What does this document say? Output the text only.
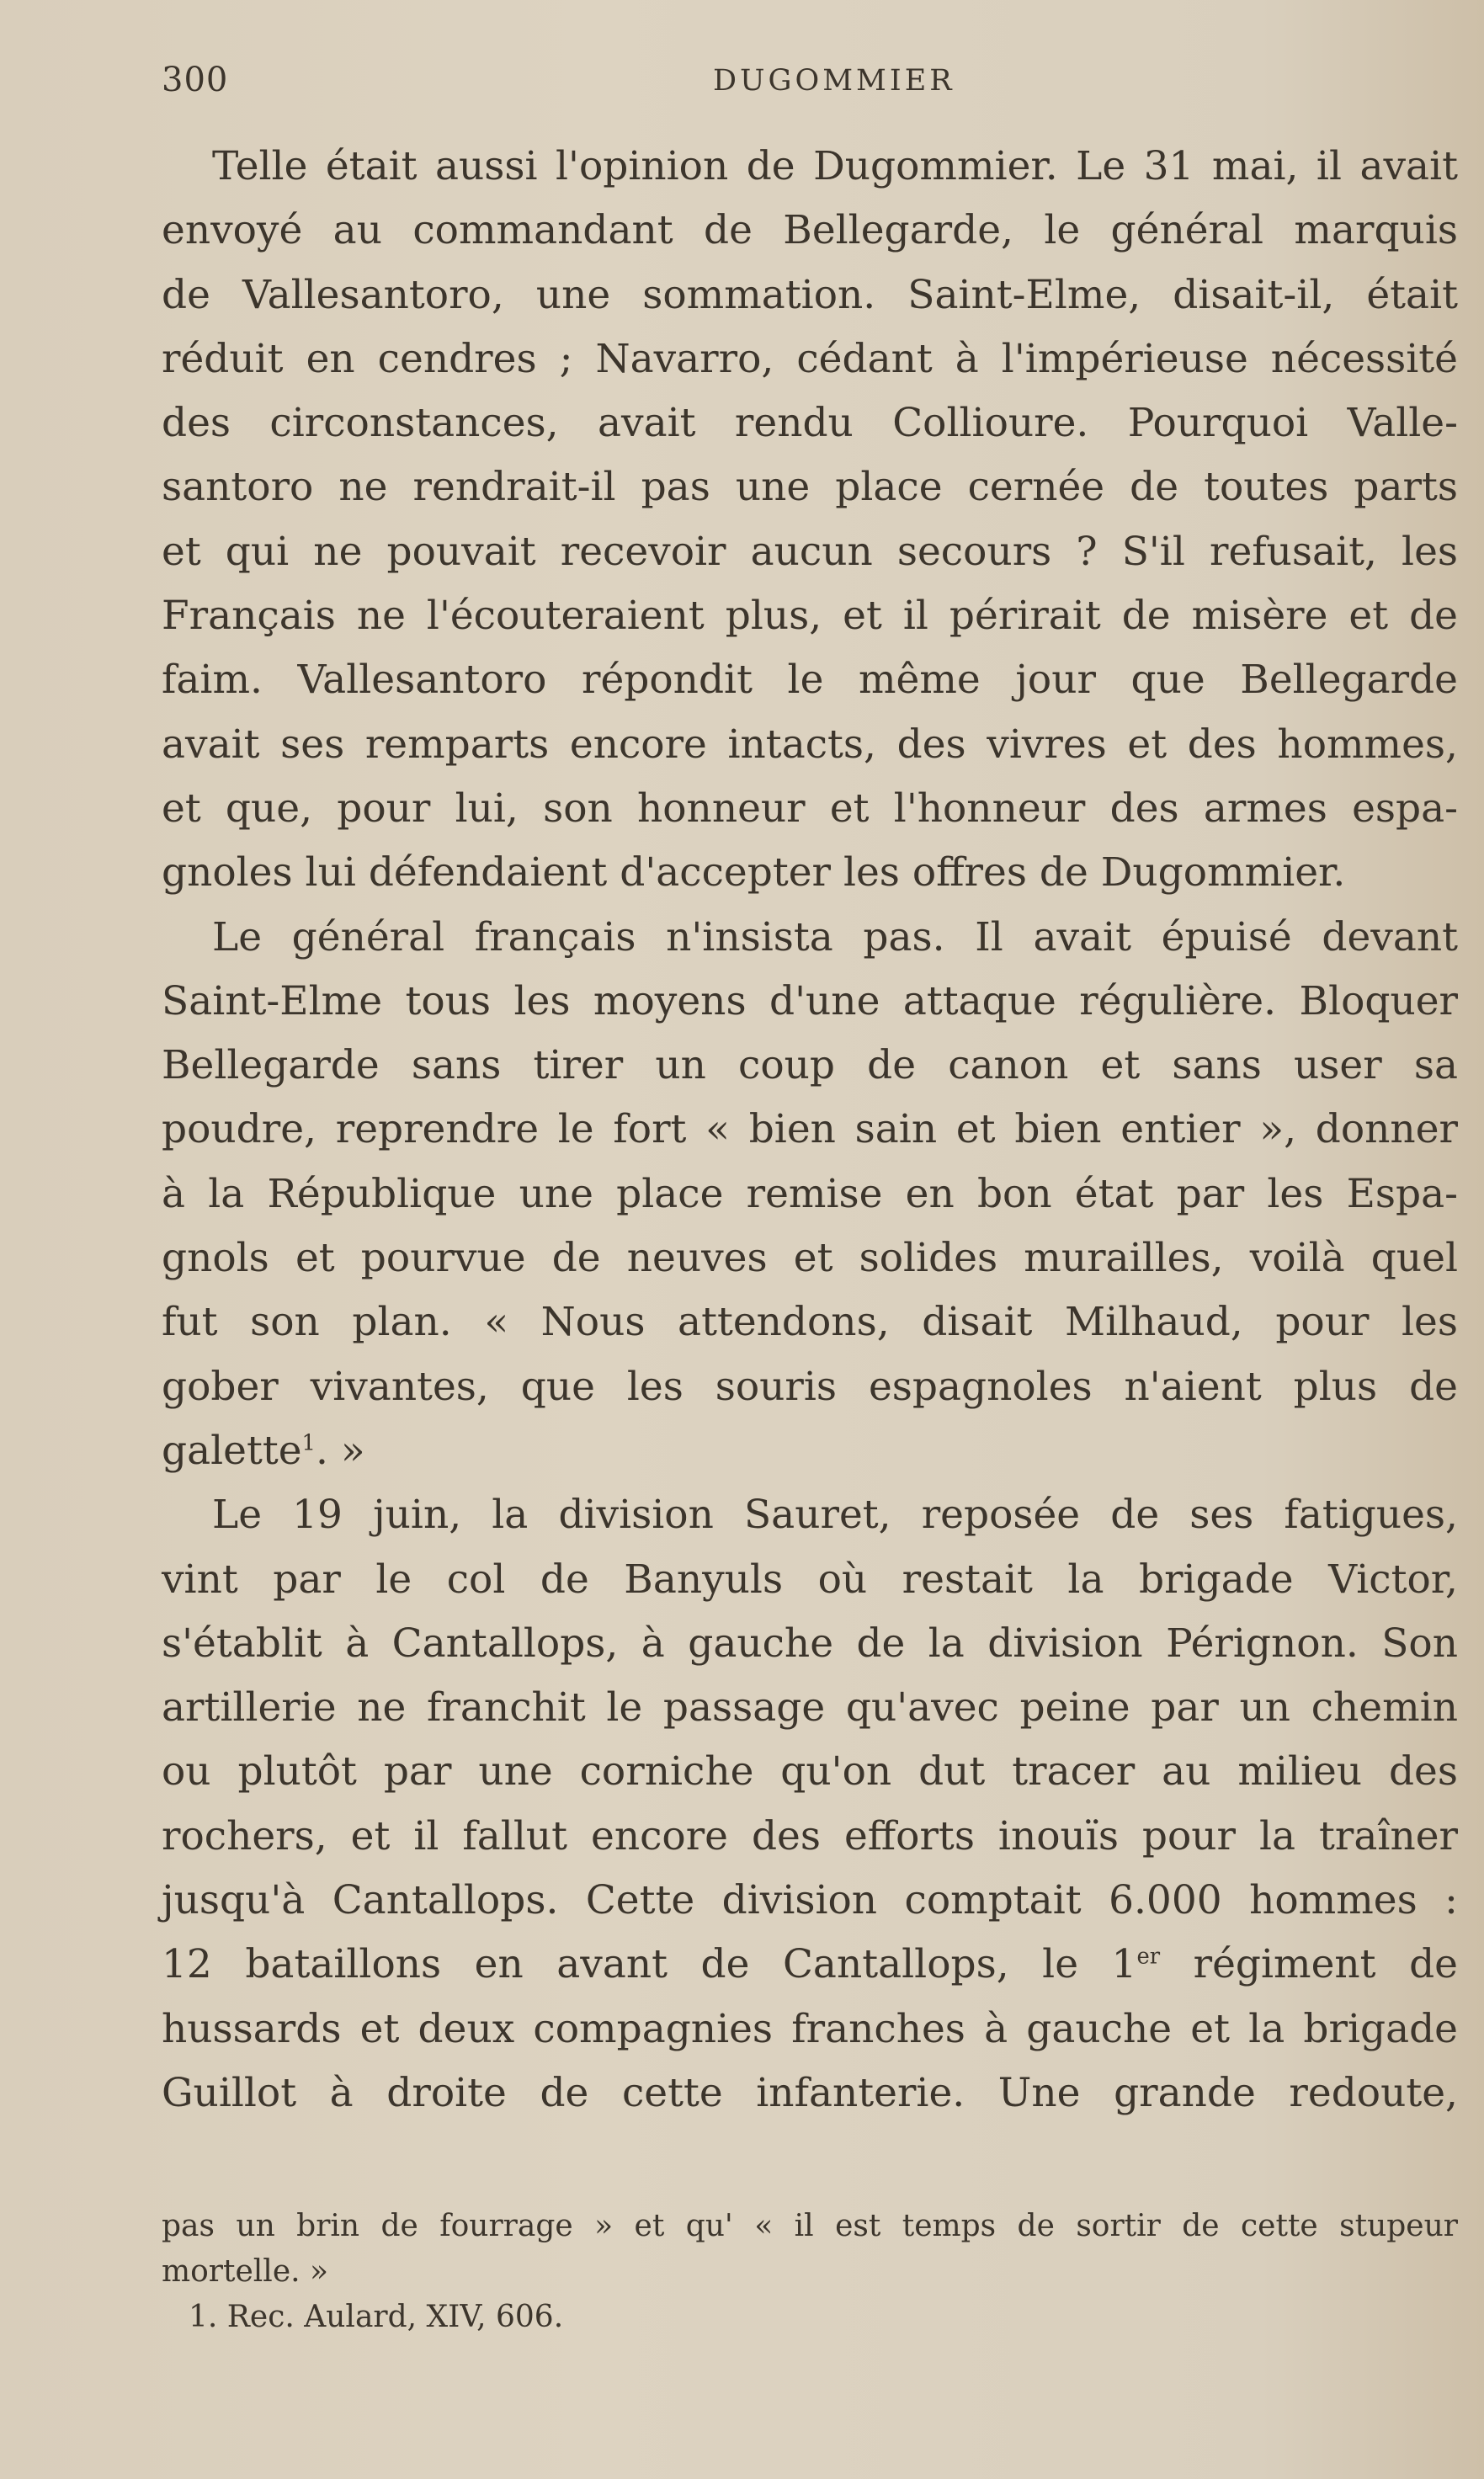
300	DUGOMMIER
Telle était aussi l'opinion de Dugommier. Le 31 mai, il avait
envoyé au commandant de Bellegarde, le général marquis
de Vallesantoro, une sommation. Saint-Elme, disait-il, était
réduit en cendres ; Navarro, cédant à l'impérieuse nécessité
des circonstances, avait rendu Collioure. Pourquoi Valle-
santoro ne rendrait-il pas une place cernée de toutes parts
et qui ne pouvait recevoir aucun secours ? S'il refusait, les
Français ne l'écouteraient plus, et il périrait de misère et de
faim. Vallesantoro répondit le même jour que Bellegarde
avait ses remparts encore intacts, des vivres et des hommes,
et que, pour lui, son honneur et l'honneur des armes espa-
gnoles lui défendaient d'accepter les offres de Dugommier.
Le général français n'insista pas. Il avait épuisé devant
Saint-Elme tous les moyens d'une attaque régulière. Bloquer
Bellegarde sans tirer un coup de canon et sans user sa
poudre, reprendre le fort « bien sain et bien entier », donner
à la République une place remise en bon état par les Espa-
gnols et pourvue de neuves et solides murailles, voilà quel
fut son plan. « Nous attendons, disait Milhaud, pour les
gober vivantes, que les souris espagnoles n'aient plus de
galette$^1$. »
Le 19 juin, la division Sauret, reposée de ses fatigues,
vint par le col de Banyuls où restait la brigade Victor,
s'établit à Cantallops, à gauche de la division Pérignon. Son
artillerie ne franchit le passage qu'avec peine par un chemin
ou plutôt par une corniche qu'on dut tracer au milieu des
rochers, et il fallut encore des efforts inouïs pour la traîner
jusqu'à Cantallops. Cette division comptait 6.000 hommes :
12 bataillons en avant de Cantallops, le 1er régiment de
hussards et deux compagnies franches à gauche et la brigade
Guillot à droite de cette infanterie. Une grande redoute,
pas un brin de fourrage » et qu' « il est temps de sortir de cette stupeur
mortelle. »
1. Rec. Aulard, XIV, 606.
